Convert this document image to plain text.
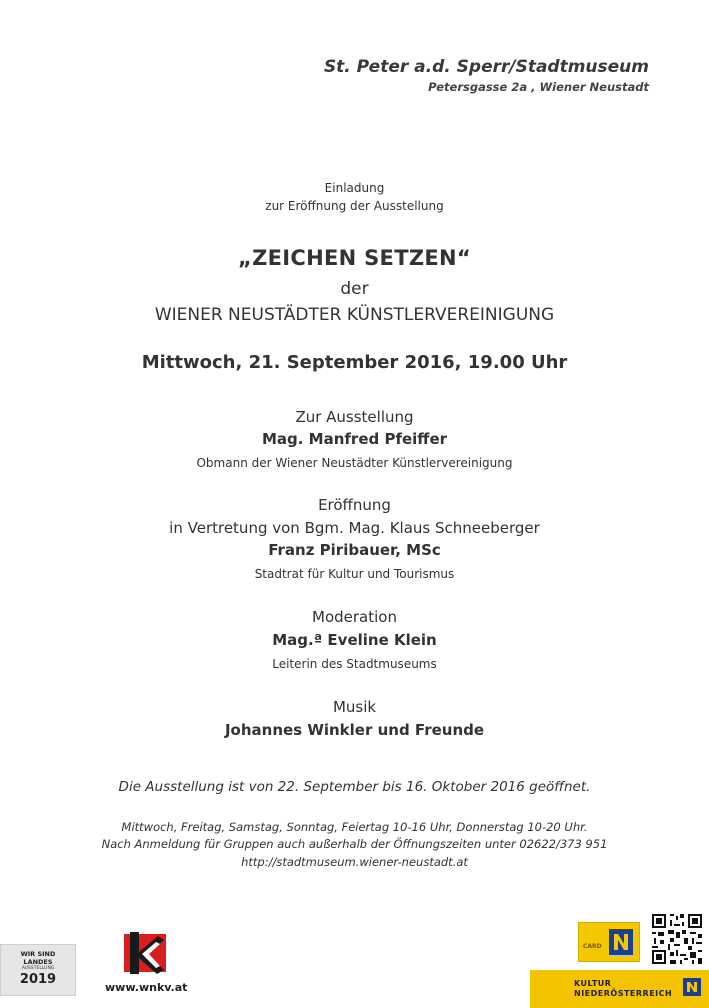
St. Peter a.d. Sperr/Stadtmuseum
Petersgasse 2a , Wiener Neustadt
Einladung
zur Eröffnung der Ausstellung
„ZEICHEN SETZEN“
der
WIENER NEUSTÄDTER KÜNSTLERVEREINIGUNG
Mittwoch, 21. September 2016, 19.00 Uhr
Zur Ausstellung
Mag. Manfred Pfeiffer
Obmann der Wiener Neustädter Künstlervereinigung
Eröffnung
in Vertretung von Bgm. Mag. Klaus Schneeberger
Franz Piribauer, MSc
Stadtrat für Kultur und Tourismus
Moderation
Mag.ª Eveline Klein
Leiterin des Stadtmuseums
Musik
Johannes Winkler und Freunde
Die Ausstellung ist von 22. September bis 16. Oktober 2016 geöffnet.
Mittwoch, Freitag, Samstag, Sonntag, Feiertag 10-16 Uhr, Donnerstag 10-20 Uhr.
Nach Anmeldung für Gruppen auch außerhalb der Öffnungszeiten unter 02622/373 951
http://stadtmuseum.wiener-neustadt.at
WIR SIND
LANDES
AUSSTELLUNG
2019
www.wnkv.at
CARD
KULTUR
NIEDERÖSTERREICH
